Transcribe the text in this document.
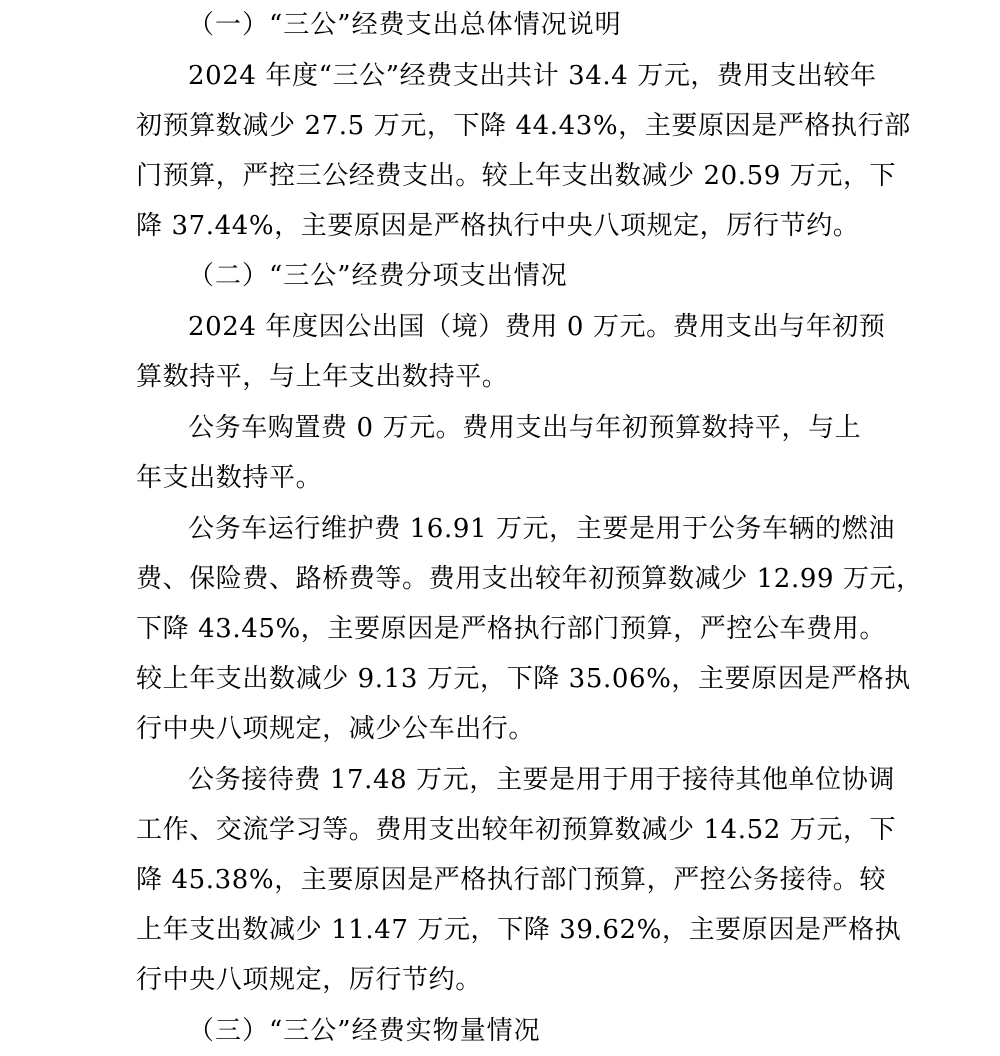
（一）“三公”经费支出总体情况说明
2024 年度“三公”经费支出共计 34.4 万元，费用支出较年
初预算数减少 27.5 万元，下降 44.43%，主要原因是严格执行部
门预算，严控三公经费支出。较上年支出数减少 20.59 万元，下
降 37.44%，主要原因是严格执行中央八项规定，厉行节约。
（二）“三公”经费分项支出情况
2024 年度因公出国（境）费用 0 万元。费用支出与年初预
算数持平，与上年支出数持平。
公务车购置费 0 万元。费用支出与年初预算数持平，与上
年支出数持平。
公务车运行维护费 16.91 万元，主要是用于公务车辆的燃油
费、保险费、路桥费等。费用支出较年初预算数减少 12.99 万元，
下降 43.45%，主要原因是严格执行部门预算，严控公车费用。
较上年支出数减少 9.13 万元，下降 35.06%，主要原因是严格执
行中央八项规定，减少公车出行。
公务接待费 17.48 万元，主要是用于用于接待其他单位协调
工作、交流学习等。费用支出较年初预算数减少 14.52 万元，下
降 45.38%，主要原因是严格执行部门预算，严控公务接待。较
上年支出数减少 11.47 万元，下降 39.62%，主要原因是严格执
行中央八项规定，厉行节约。
（三）“三公”经费实物量情况
